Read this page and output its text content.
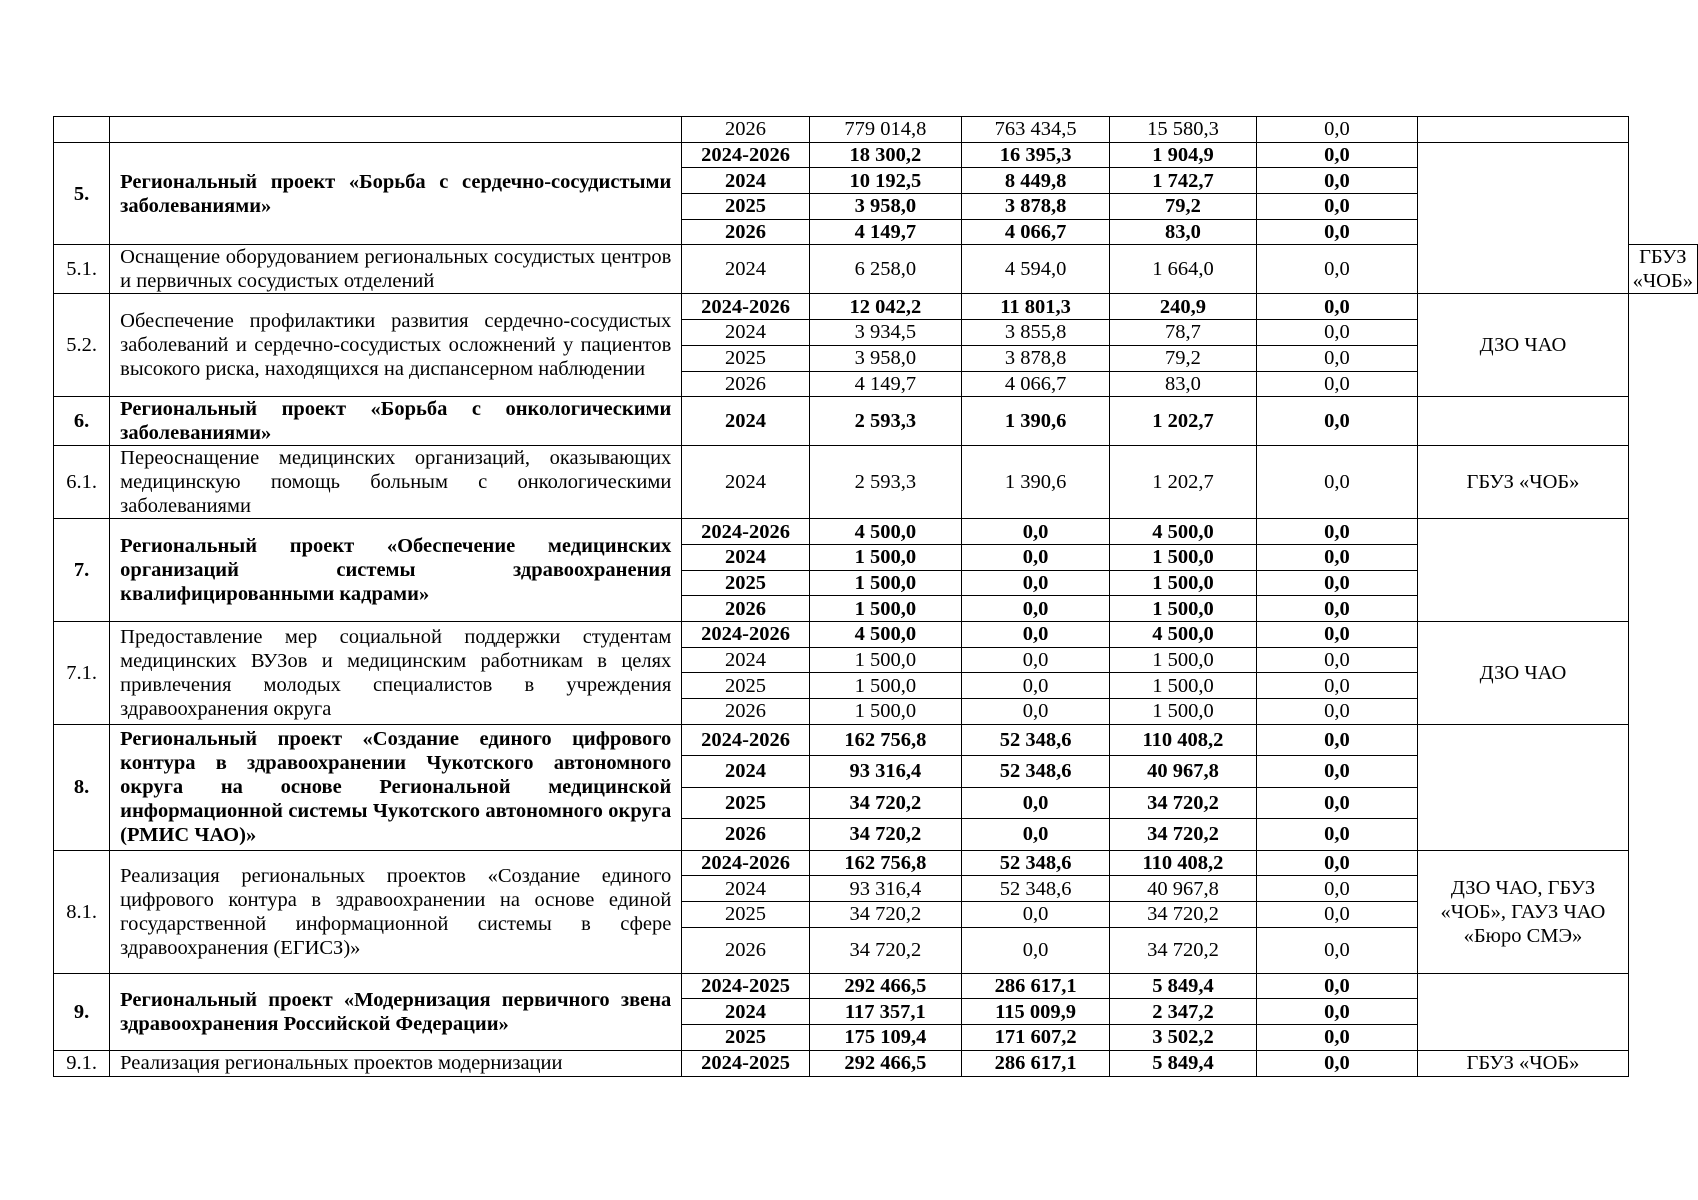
	2026	779 014,8	763 434,5	15 580,3	0,0		
5.	Региональный проект «Борьба с сердечно-сосудистыми заболеваниями»	2024-2026	18 300,2	16 395,3	1 904,9	0,0		
		2024	10 192,5	8 449,8	1 742,7	0,0		
		2025	3 958,0	3 878,8	79,2	0,0		
		2026	4 149,7	4 066,7	83,0	0,0		
5.1.	Оснащение оборудованием региональных сосудистых центров и первичных сосудистых отделений	2024	6 258,0	4 594,0	1 664,0	0,0		ГБУЗ «ЧОБ»
5.2.	Обеспечение профилактики развития сердечно-сосудистых заболеваний и сердечно-сосудистых осложнений у пациентов высокого риска, находящихся на диспансерном наблюдении	2024-2026	12 042,2	11 801,3	240,9	0,0	ДЗО ЧАО	
		2024	3 934,5	3 855,8	78,7	0,0		
		2025	3 958,0	3 878,8	79,2	0,0		
		2026	4 149,7	4 066,7	83,0	0,0		
6.	Региональный проект «Борьба с онкологическими заболеваниями»	2024	2 593,3	1 390,6	1 202,7	0,0		
6.1.	Переоснащение медицинских организаций, оказывающих медицинскую помощь больным с онкологическими заболеваниями	2024	2 593,3	1 390,6	1 202,7	0,0	ГБУЗ «ЧОБ»	
7.	Региональный проект «Обеспечение медицинских организаций системы здравоохранения квалифицированными кадрами»	2024-2026	4 500,0	0,0	4 500,0	0,0		
		2024	1 500,0	0,0	1 500,0	0,0		
		2025	1 500,0	0,0	1 500,0	0,0		
		2026	1 500,0	0,0	1 500,0	0,0		
7.1.	Предоставление мер социальной поддержки студентам медицинских ВУЗов и медицинским работникам в целях привлечения молодых специалистов в учреждения здравоохранения округа	2024-2026	4 500,0	0,0	4 500,0	0,0	ДЗО ЧАО	
		2024	1 500,0	0,0	1 500,0	0,0		
		2025	1 500,0	0,0	1 500,0	0,0		
		2026	1 500,0	0,0	1 500,0	0,0		
8.	Региональный проект «Создание единого цифрового контура в здравоохранении Чукотского автономного округа на основе Региональной медицинской информационной системы Чукотского автономного округа (РМИС ЧАО)»	2024-2026	162 756,8	52 348,6	110 408,2	0,0		
		2024	93 316,4	52 348,6	40 967,8	0,0		
		2025	34 720,2	0,0	34 720,2	0,0		
		2026	34 720,2	0,0	34 720,2	0,0		
8.1.	Реализация региональных проектов «Создание единого цифрового контура в здравоохранении на основе единой государственной информационной системы в сфере здравоохранения (ЕГИСЗ)»	2024-2026	162 756,8	52 348,6	110 408,2	0,0	ДЗО ЧАО, ГБУЗ «ЧОБ», ГАУЗ ЧАО «Бюро СМЭ»	
		2024	93 316,4	52 348,6	40 967,8	0,0		
		2025	34 720,2	0,0	34 720,2	0,0		
		2026	34 720,2	0,0	34 720,2	0,0		
9.	Региональный проект «Модернизация первичного звена здравоохранения Российской Федерации»	2024-2025	292 466,5	286 617,1	5 849,4	0,0		
		2024	117 357,1	115 009,9	2 347,2	0,0		
		2025	175 109,4	171 607,2	3 502,2	0,0		
9.1.	Реализация региональных проектов модернизации	2024-2025	292 466,5	286 617,1	5 849,4	0,0	ГБУЗ «ЧОБ»	
